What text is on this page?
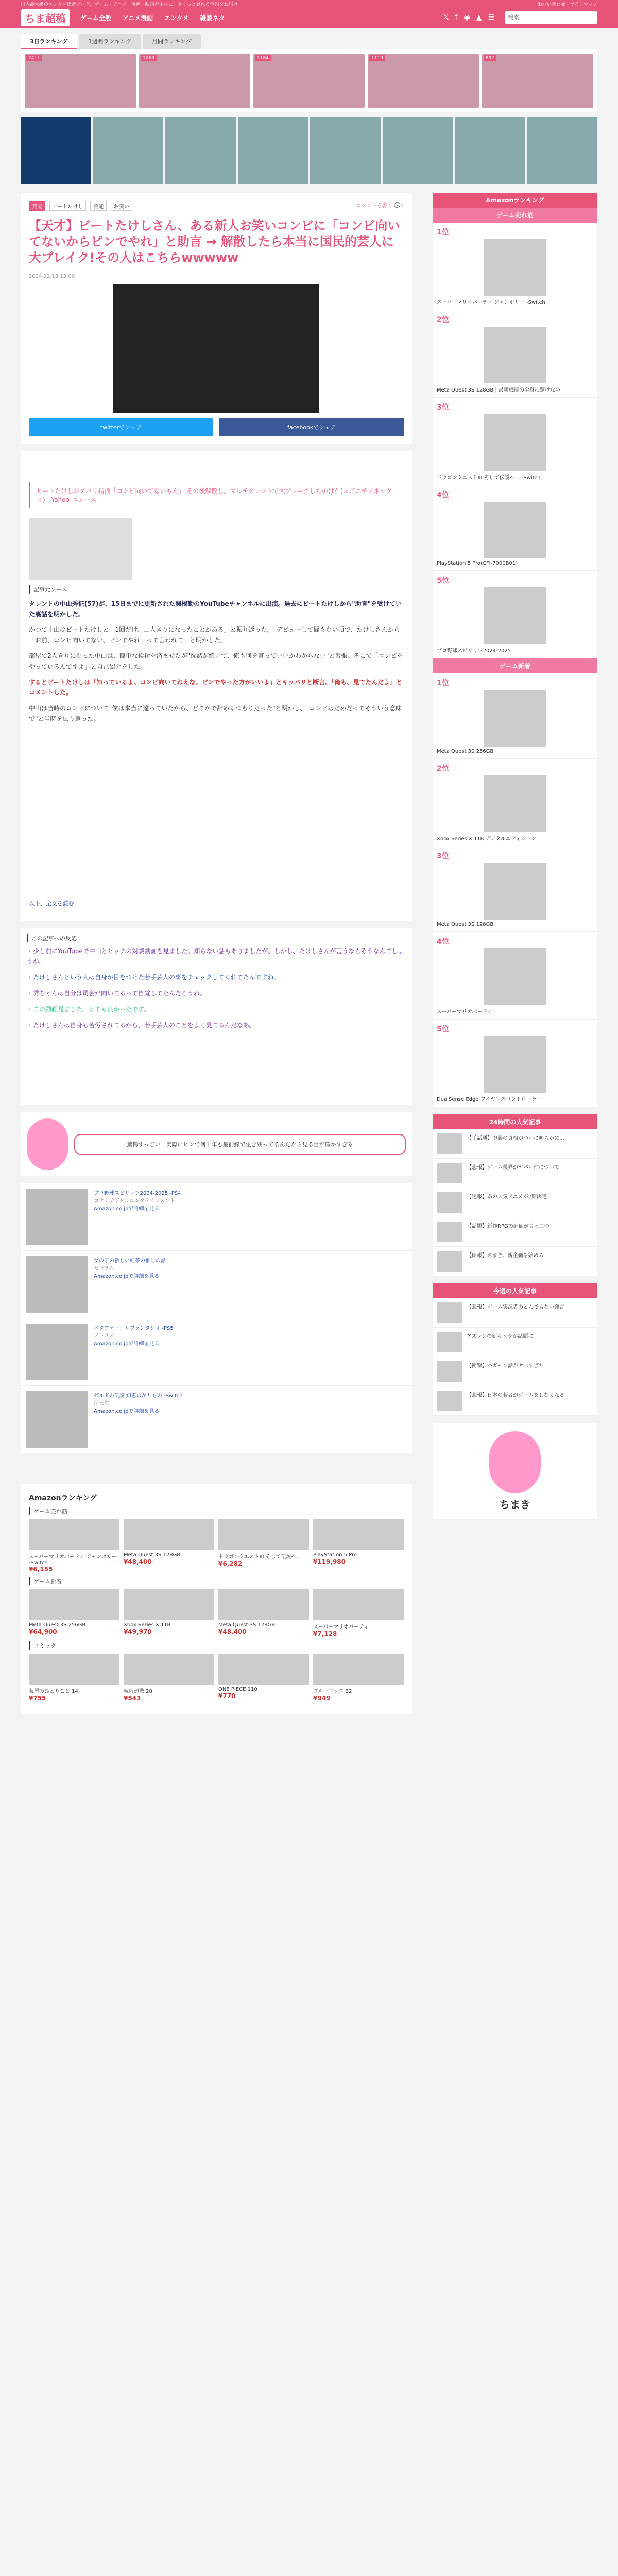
国内最大級のエンタメ総合ブログ、ゲーム・アニメ・漫画・映画を中心に、さくっと見れる情報をお届け	お問い合わせ・サイトマップ
ちま超稿	ゲーム全般 アニメ漫画 エンタメ 雑談ネタ	𝕏 f ◉ ▲ ☰
検索
3日ランキング	1週間ランキング	月間ランキング
2411	1263	1184	1119	897
芸能 ビートたけし 芸能 お笑い	コメントを書く 💬5
【天才】ビートたけしさん、ある新人お笑いコンビに「コンビ向いてないからピンでやれ」と助言 → 解散したら本当に国民的芸人に大ブレイク!その人はこちらwwwww
2024.12.13 13:00
twitterでシェア	facebookでシェア
ビートたけしがズバリ指摘「コンビ向いてないもん」 その後解散し、マルチタレントで大ブレークしたのは？(スポニチアネックス) - Yahoo!ニュース
記事元ソース

タレントの中山秀征(57)が、15日までに更新された関根勤のYouTubeチャンネルに出演。過去にビートたけしから"助言"を受けていた裏話を明かした。

かつて中山はビートたけしと「1回だけ、二人きりになったことがある」と振り返った。「デビューして間もない頃で、たけしさんから「お前、コンビ向いてない、ピンでやれ」って言われて」と明かした。

部屋で2人きりになった中山は、簡単な挨拶を済ませたが"沈黙が続いて、俺も何を言っていいかわからない"と緊張。そこで「コンビをやっているんですよ」と自己紹介をした。

するとビートたけしは「知っているよ。コンビ向いてねえな。ピンでやった方がいいよ」とキッパリと断言。「俺も、見てたんだよ」とコメントした。

中山は当時のコンビについて"僕は本当に違っていたから、どこかで辞めるつもりだった"と明かし、"コンビはだめだってそういう意味で"と当時を振り返った。

以下、全文を読む
この記事への反応

・少し前にYouTubeで中山とピッチの対談動画を見ました。知らない話もありましたが、しかし、たけしさんが言うならそうなんでしょうね。

・たけしさんという人は自身が目をつけた若手芸人の事をチェックしてくれてたんですね。

・秀ちゃんは自分は司会が向いてるって自覚してたんだろうね。

・この動画見ました。とても良かったです。

・たけしさんは自身も苦労されてるから、若手芸人のことをよく見てるんだなあ。

驚愕すっごい！実際にピンで何十年も最前線で生き残ってるんだから見る目が確かすぎる
プロ野球スピリッツ2024-2025 -PS4
コナミデジタルエンタテインメント
Amazon.co.jpで詳細を見る
女の子の新しい紅茶の推しの話
ゼロサム
Amazon.co.jpで詳細を見る
メタファー：リファンタジオ -PS5
アトラス
Amazon.co.jpで詳細を見る
ゼルダの伝説 知恵のかりもの -Switch
任天堂
Amazon.co.jpで詳細を見る
Amazonランキング
ゲーム売れ筋
スーパーマリオパーティ ジャンボリー -Switch
¥6,155
Meta Quest 3S 128GB
¥48,400
ドラゴンクエストIII そして伝説へ…
¥6,282
PlayStation 5 Pro
¥119,980
ゲーム新着
Meta Quest 3S 256GB
¥64,900
Xbox Series X 1TB
¥49,970
Meta Quest 3S 128GB
¥48,400
スーパーマリオパーティ
¥7,128
コミック
薬屋のひとりごと 14
¥755
呪術廻戦 28
¥543
ONE PIECE 110
¥770
ブルーロック 32
¥949
Amazonランキング
ゲーム売れ筋
1位
スーパーマリオパーティ ジャンボリー -Switch
2位
Meta Quest 3S 128GB | 最新機能の全身に驚けない
3位
ドラゴンクエストIII そして伝説へ… -Switch
4位
PlayStation 5 Pro(CFI-7000B01)
5位
プロ野球スピリッツ2024-2025
ゲーム新着
1位
Meta Quest 3S 256GB
2位
Xbox Series X 1TB デジタルエディション
3位
Meta Quest 3S 128GB
4位
スーパーマリオパーティ
5位
DualSense Edge ワイヤレスコントローラー
24時間の人気記事
【手話通】中居の真相がついに明らかに…
【悲報】ゲーム業界がヤバい件について
【速報】あの人気アニメが2期決定！
【話題】新作RPGの評価が真っ二つ
【朗報】ちまき、新企画を始める
今週の人気記事
【悲報】ゲーム実況者のとんでもない発言
アズレンの新キャラが話題に
【衝撃】ハガモン話がヤバすぎた
【悲報】日本の若者がゲームをしなくなる
ちまき
